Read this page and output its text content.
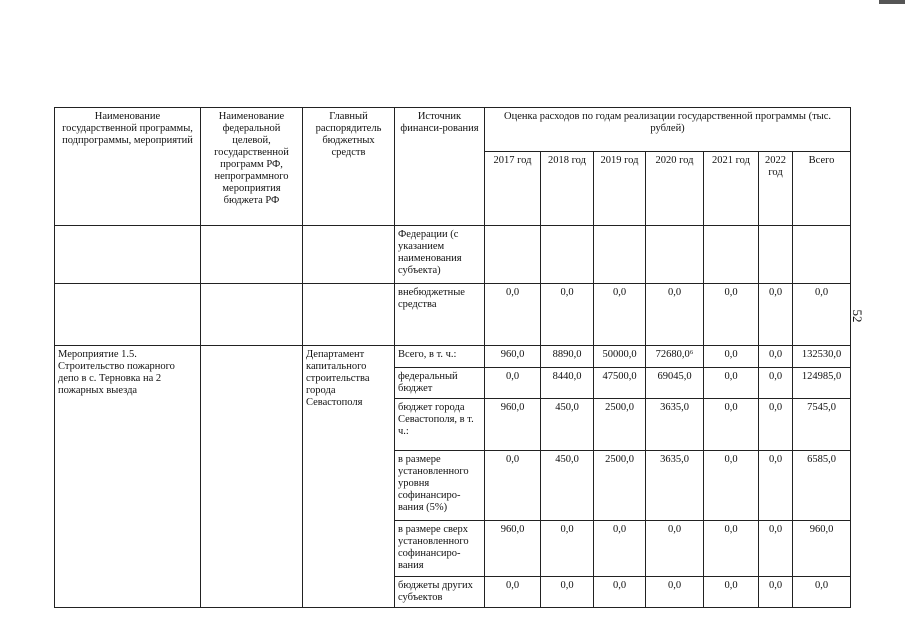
52
Наименование государственной программы, подпрограммы, мероприятий	Наименование федеральной целевой, государственной программ РФ, непрограммного мероприятия бюджета РФ	Главный распорядитель бюджетных средств	Источник финанси-рования	Оценка расходов по годам реализации государственной программы (тыс. рублей)						
				2017 год	2018 год	2019 год	2020 год	2021 год	2022 год	Всего
			Федерации (с указанием наименования субъекта)							
			внебюджетные средства	0,0	0,0	0,0	0,0	0,0	0,0	0,0
Мероприятие 1.5. Строительство пожарного депо в с. Терновка на 2 пожарных выезда		Департамент капитального строительства города Севастополя	Всего, в т. ч.:	960,0	8890,0	50000,0	72680,0⁶	0,0	0,0	132530,0
			федеральный бюджет	0,0	8440,0	47500,0	69045,0	0,0	0,0	124985,0
			бюджет города Севастополя, в т. ч.:	960,0	450,0	2500,0	3635,0	0,0	0,0	7545,0
			в размере установленного уровня софинансиро-вания (5%)	0,0	450,0	2500,0	3635,0	0,0	0,0	6585,0
			в размере сверх установленного софинансиро-вания	960,0	0,0	0,0	0,0	0,0	0,0	960,0
			бюджеты других субъектов	0,0	0,0	0,0	0,0	0,0	0,0	0,0
